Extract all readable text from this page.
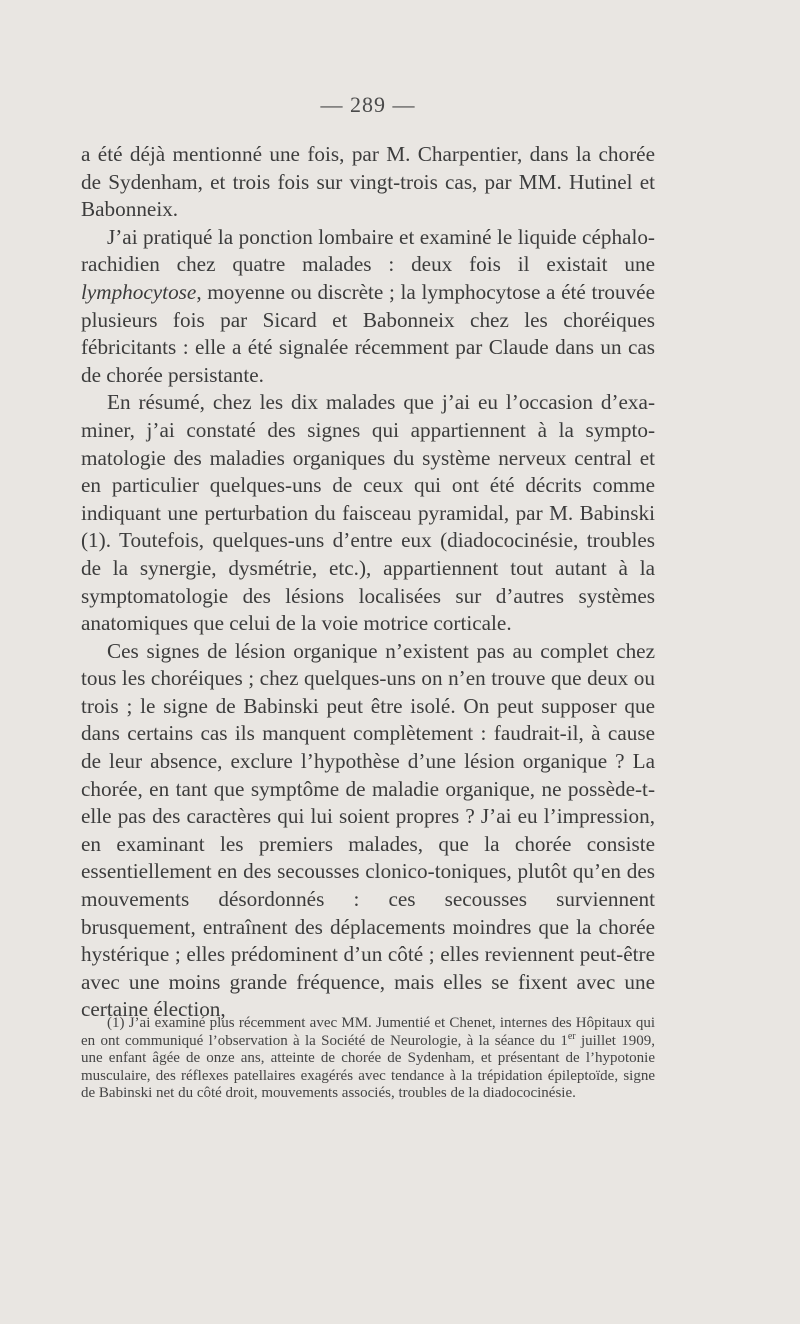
— 289 —

a été déjà mentionné une fois, par M. Charpentier, dans la chorée de Sydenham, et trois fois sur vingt-trois cas, par MM. Hutinel et Babonneix.

J’ai pratiqué la ponction lombaire et examiné le liquide céphalo-rachidien chez quatre malades : deux fois il existait une lymphocytose, moyenne ou discrète ; la lymphocytose a été trouvée plusieurs fois par Sicard et Babonneix chez les choréiques fébricitants : elle a été signalée récemment par Claude dans un cas de chorée persistante.

En résumé, chez les dix malades que j’ai eu l’occasion d’examiner, j’ai constaté des signes qui appartiennent à la symptomatologie des maladies organiques du système nerveux central et en particulier quelques-uns de ceux qui ont été décrits comme indiquant une perturbation du faisceau pyramidal, par M. Babinski (1). Toutefois, quelques-uns d’entre eux (diadococinésie, troubles de la synergie, dysmétrie, etc.), appartiennent tout autant à la symptomatologie des lésions localisées sur d’autres systèmes anatomiques que celui de la voie motrice corticale.

Ces signes de lésion organique n’existent pas au complet chez tous les choréiques ; chez quelques-uns on n’en trouve que deux ou trois ; le signe de Babinski peut être isolé. On peut supposer que dans certains cas ils manquent complètement : faudrait-il, à cause de leur absence, exclure l’hypothèse d’une lésion organique ? La chorée, en tant que symptôme de maladie organique, ne possède-t-elle pas des caractères qui lui soient propres ? J’ai eu l’impression, en examinant les premiers malades, que la chorée consiste essentiellement en des secousses clonico-toniques, plutôt qu’en des mouvements désordonnés : ces secousses surviennent brusquement, entraînent des déplacements moindres que la chorée hystérique ; elles prédominent d’un côté ; elles reviennent peut-être avec une moins grande fréquence, mais elles se fixent avec une certaine élection,

(1) J’ai examiné plus récemment avec MM. Jumentié et Chenet, internes des Hôpitaux qui en ont communiqué l’observation à la Société de Neurologie, à la séance du 1er juillet 1909, une enfant âgée de onze ans, atteinte de chorée de Sydenham, et présentant de l’hypotonie musculaire, des réflexes patellaires exagérés avec tendance à la trépidation épileptoïde, signe de Babinski net du côté droit, mouvements associés, troubles de la diadococinésie.
